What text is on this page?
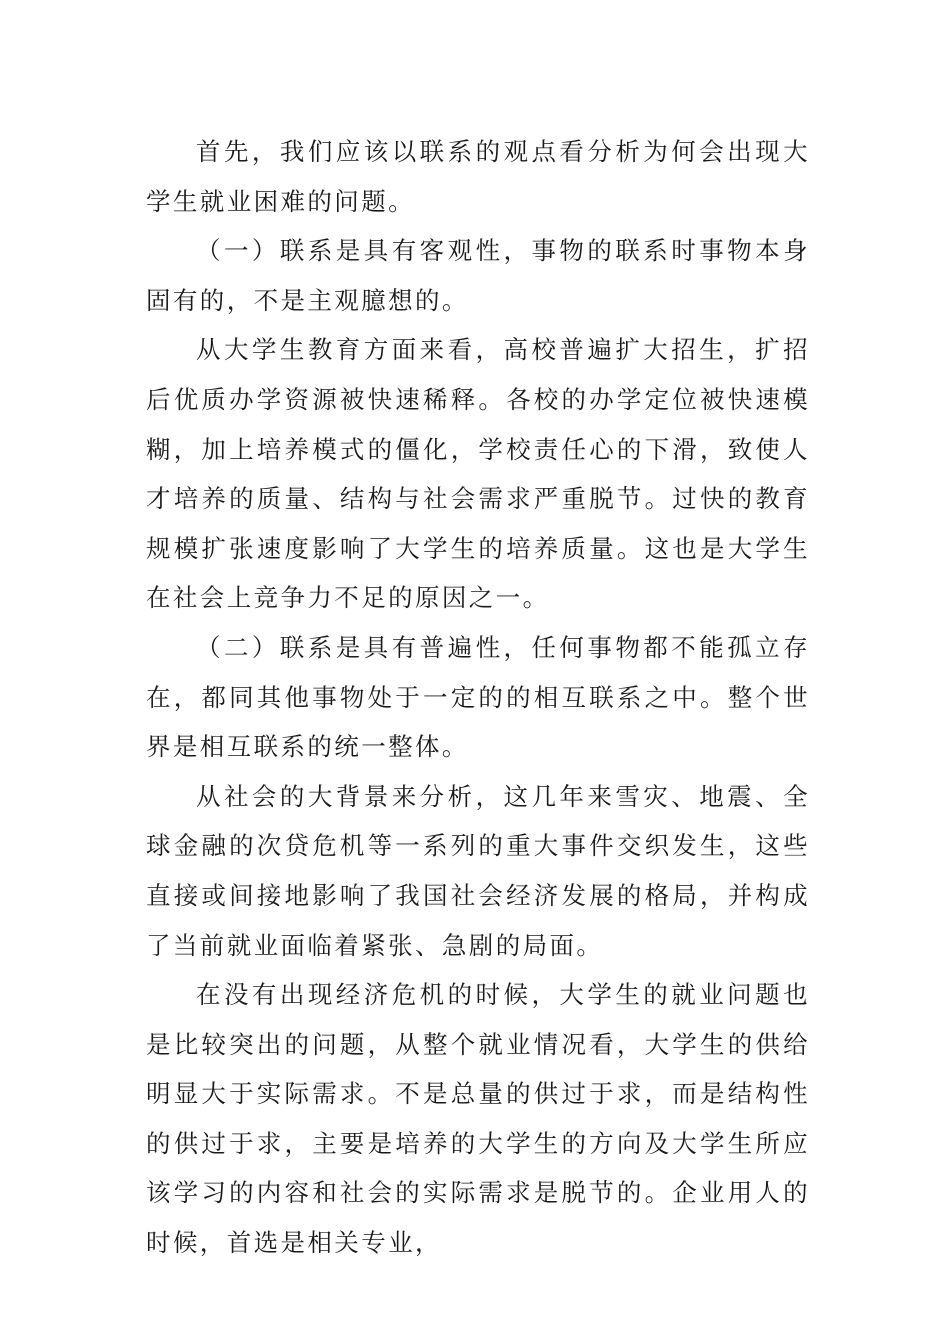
首先，我们应该以联系的观点看分析为何会出现大学生就业困难的问题。

（一）联系是具有客观性，事物的联系时事物本身固有的，不是主观臆想的。

从大学生教育方面来看，高校普遍扩大招生，扩招后优质办学资源被快速稀释。各校的办学定位被快速模糊，加上培养模式的僵化，学校责任心的下滑，致使人才培养的质量、结构与社会需求严重脱节。过快的教育规模扩张速度影响了大学生的培养质量。这也是大学生在社会上竞争力不足的原因之一。

（二）联系是具有普遍性，任何事物都不能孤立存在，都同其他事物处于一定的的相互联系之中。整个世界是相互联系的统一整体。

从社会的大背景来分析，这几年来雪灾、地震、全球金融的次贷危机等一系列的重大事件交织发生，这些直接或间接地影响了我国社会经济发展的格局，并构成了当前就业面临着紧张、急剧的局面。

在没有出现经济危机的时候，大学生的就业问题也是比较突出的问题，从整个就业情况看，大学生的供给明显大于实际需求。不是总量的供过于求，而是结构性的供过于求，主要是培养的大学生的方向及大学生所应该学习的内容和社会的实际需求是脱节的。企业用人的时候，首选是相关专业，
